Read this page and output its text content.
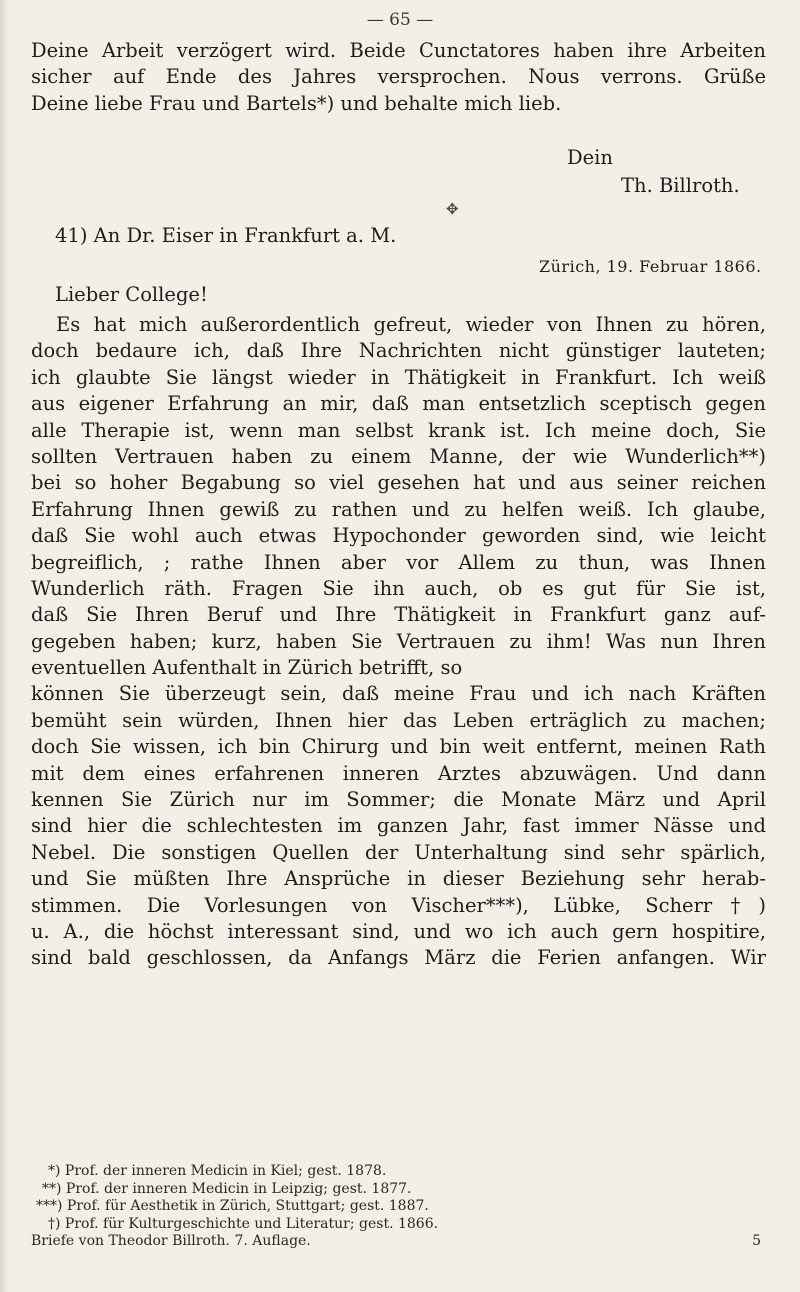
— 65 —
Deine Arbeit verzögert wird. Beide Cunctatores haben ihre Arbeiten
sicher auf Ende des Jahres versprochen. Nous verrons. Grüße
Deine liebe Frau und Bartels*) und behalte mich lieb.
Dein
Th. Billroth.
✥
41) An Dr. Eiser in Frankfurt a. M.
Zürich, 19. Februar 1866.
Lieber College!
Es hat mich außerordentlich gefreut, wieder von Ihnen zu hören,
doch bedaure ich, daß Ihre Nachrichten nicht günstiger lauteten;
ich glaubte Sie längst wieder in Thätigkeit in Frankfurt. Ich weiß
aus eigener Erfahrung an mir, daß man entsetzlich sceptisch gegen
alle Therapie ist, wenn man selbst krank ist. Ich meine doch, Sie
sollten Vertrauen haben zu einem Manne, der wie Wunderlich**)
bei so hoher Begabung so viel gesehen hat und aus seiner reichen
Erfahrung Ihnen gewiß zu rathen und zu helfen weiß. Ich glaube,
daß Sie wohl auch etwas Hypochonder geworden sind, wie leicht
begreiflich, ; rathe Ihnen aber vor Allem zu thun, was Ihnen
Wunderlich räth. Fragen Sie ihn auch, ob es gut für Sie ist,
daß Sie Ihren Beruf und Ihre Thätigkeit in Frankfurt ganz auf-
gegeben haben; kurz, haben Sie Vertrauen zu ihm! Was nun Ihren eventuellen Aufenthalt in Zürich betrifft, so
können Sie überzeugt sein, daß meine Frau und ich nach Kräften
bemüht sein würden, Ihnen hier das Leben erträglich zu machen;
doch Sie wissen, ich bin Chirurg und bin weit entfernt, meinen Rath
mit dem eines erfahrenen inneren Arztes abzuwägen. Und dann
kennen Sie Zürich nur im Sommer; die Monate März und April
sind hier die schlechtesten im ganzen Jahr, fast immer Nässe und
Nebel. Die sonstigen Quellen der Unterhaltung sind sehr spärlich,
und Sie müßten Ihre Ansprüche in dieser Beziehung sehr herab-
stimmen. Die Vorlesungen von Vischer***), Lübke, Scherr†)
u. A., die höchst interessant sind, und wo ich auch gern hospitire,
sind bald geschlossen, da Anfangs März die Ferien anfangen. Wir
*) Prof. der inneren Medicin in Kiel; gest. 1878.
**) Prof. der inneren Medicin in Leipzig; gest. 1877.
***) Prof. für Aesthetik in Zürich, Stuttgart; gest. 1887.
†) Prof. für Kulturgeschichte und Literatur; gest. 1866.
Briefe von Theodor Billroth. 7. Auflage.	5
